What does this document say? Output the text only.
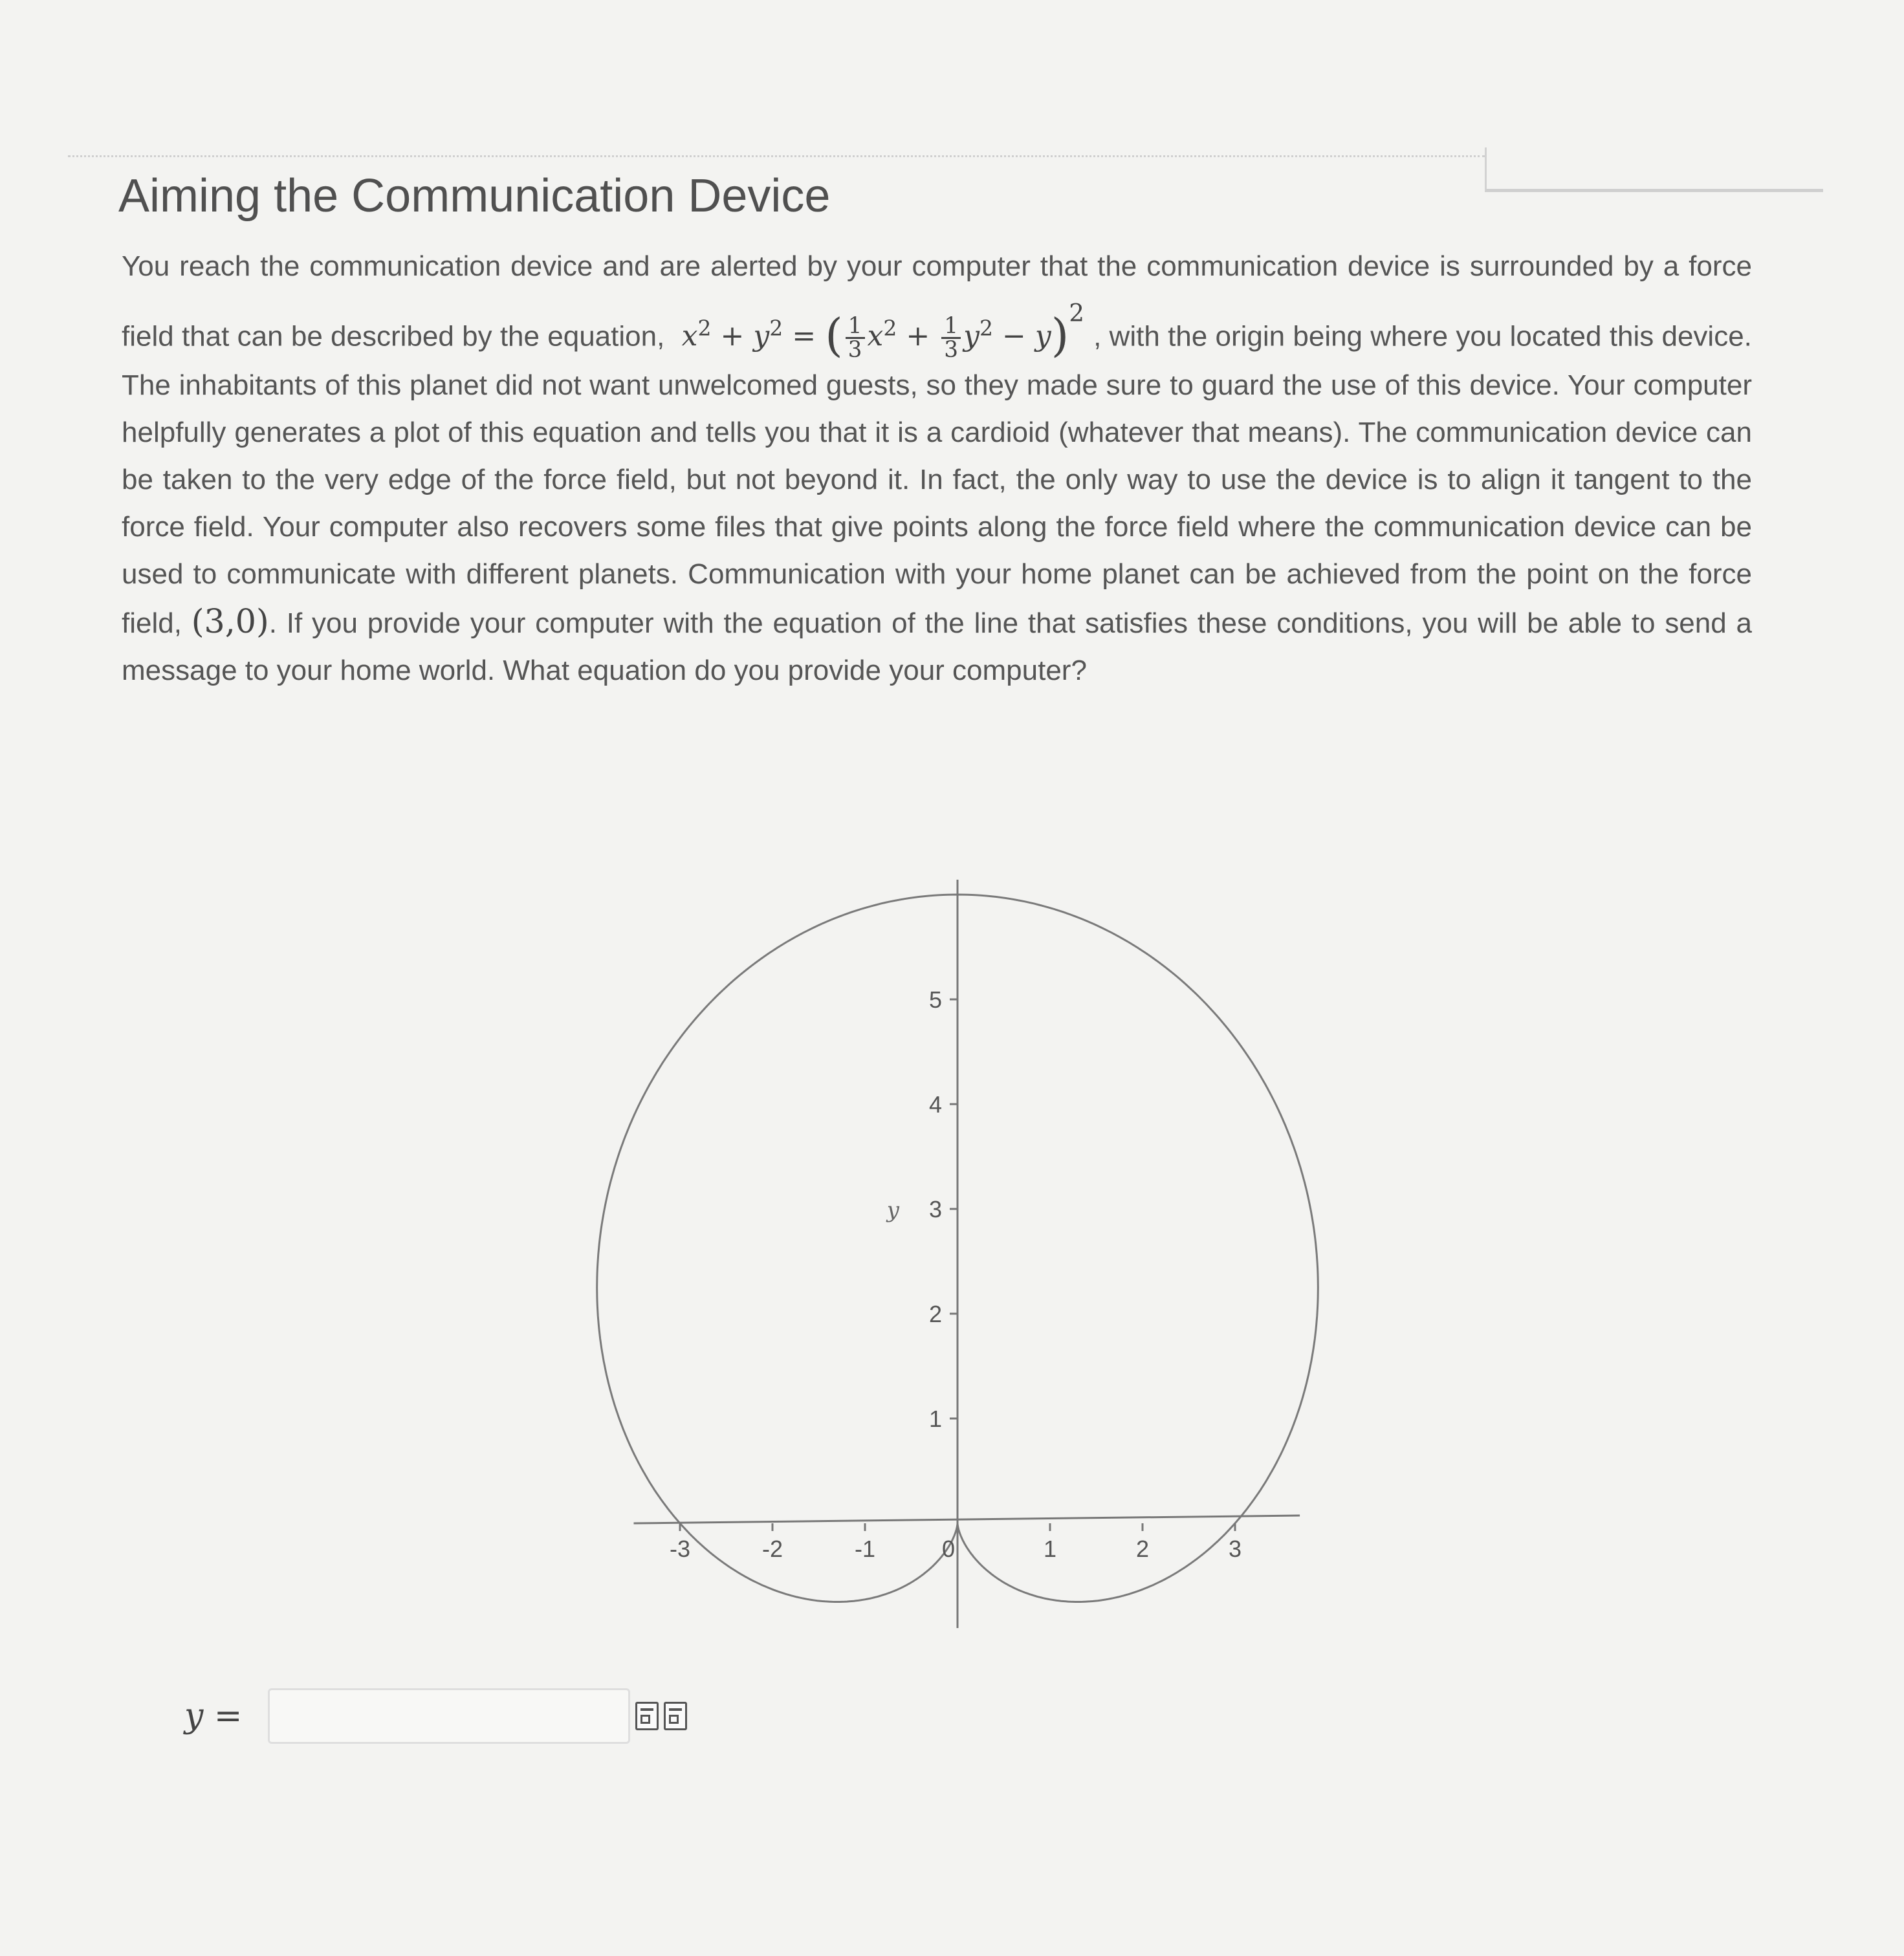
Aiming the Communication Device

You reach the communication device and are alerted by your computer that the communication device is surrounded by a force field that can be described by the equation, $x^2 + y^2$ = ( $\frac{1}{3} x^2 + \frac{1}{3} y^2 - y)^2$ , with the origin being where you located this device. The inhabitants of this planet did not want unwelcomed guests, so they made sure to guard the use of this device. Your computer helpfully generates a plot of this equation and tells you that it is a cardioid (whatever that means). The communication device can be taken to the very edge of the force field, but not beyond it. In fact, the only way to use the device is to align it tangent to the force field. Your computer also recovers some files that give points along the force field where the communication device can be used to communicate with different planets. Communication with your home planet can be achieved from the point on the force field, (3,0). If you provide your computer with the equation of the line that satisfies these conditions, you will be able to send a message to your home world. What equation do you provide your computer?

-3	-2	-1	0	1	2	3
1
2
3
4
5
y
y =
